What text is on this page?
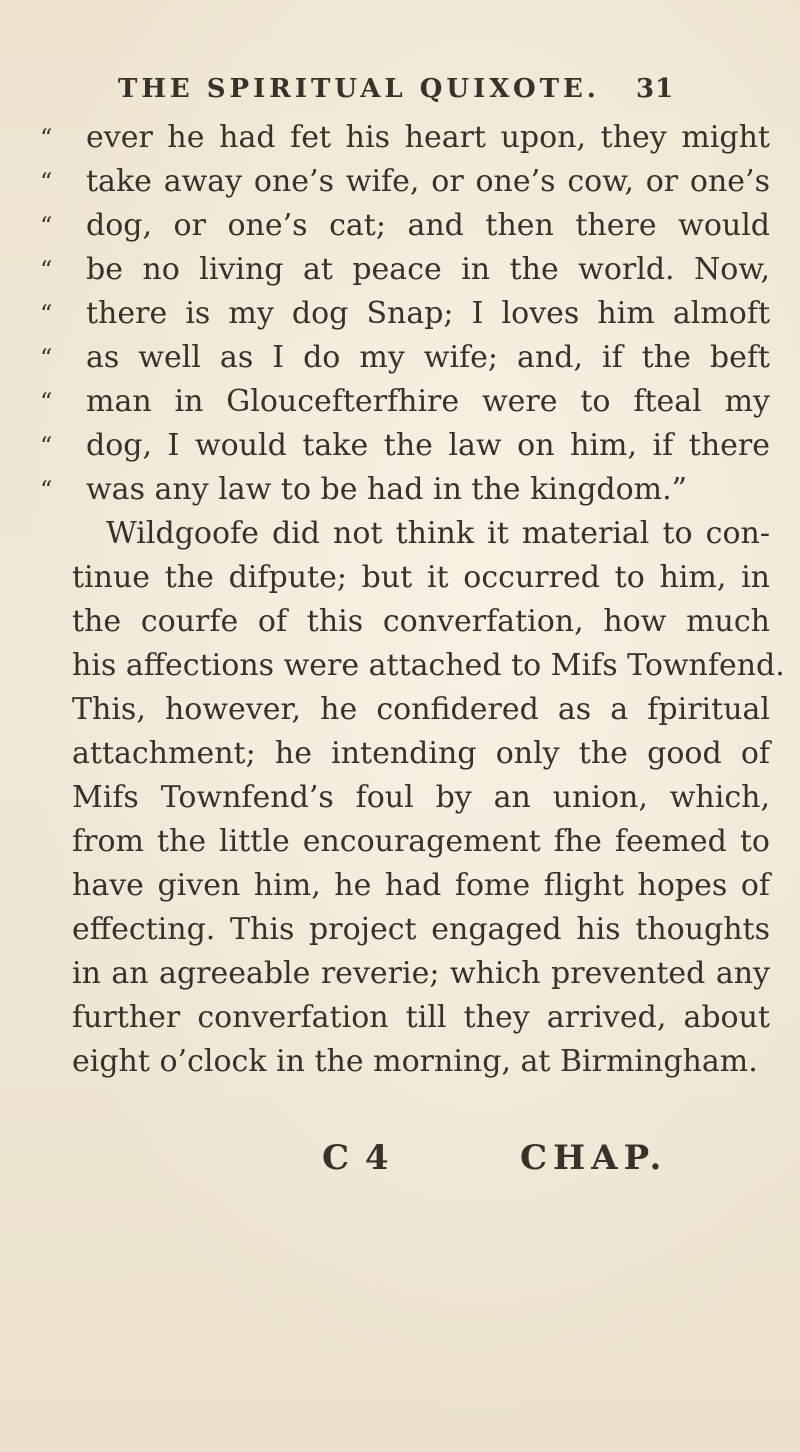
THE SPIRITUAL QUIXOTE. 31
“	ever he had fet his heart upon, they might
“	take away one’s wife, or one’s cow, or one’s
“	dog, or one’s cat; and then there would
“	be no living at peace in the world. Now,
“	there is my dog Snap; I loves him almoft
“	as well as I do my wife; and, if the beft
“	man in Gloucefterfhire were to fteal my
“	dog, I would take the law on him, if there
“	was any law to be had in the kingdom.”
Wildgoofe did not think it material to con-
tinue the difpute; but it occurred to him, in
the courfe of this converfation, how much
his affections were attached to Mifs Townfend.
This, however, he confidered as a fpiritual
attachment; he intending only the good of
Mifs Townfend’s foul by an union, which,
from the little encouragement fhe feemed to
have given him, he had fome flight hopes of
effecting. This project engaged his thoughts
in an agreeable reverie; which prevented any
further converfation till they arrived, about
eight o’clock in the morning, at Birmingham.
C 4	CHAP.
